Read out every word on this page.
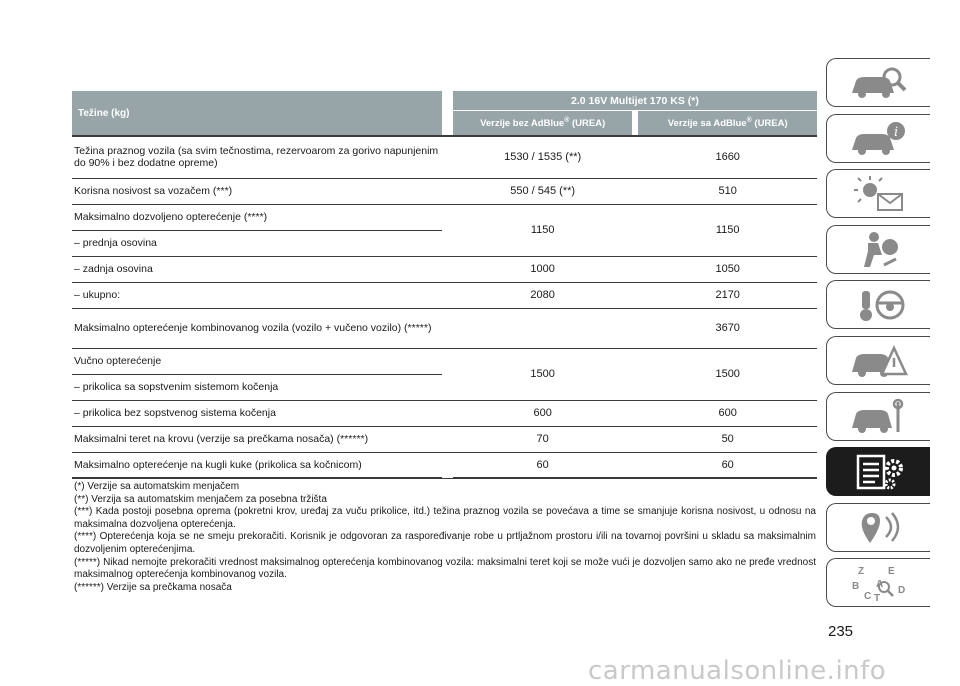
Težine (kg)		2.0 16V Multijet 170 KS (*)		
		Verzije bez AdBlue® (UREA)		Verzije sa AdBlue® (UREA)
Težina praznog vozila (sa svim tečnostima, rezervoarom za gorivo napunjenim do 90% i bez dodatne opreme)		1530 / 1535 (**)		1660
Korisna nosivost sa vozačem (***)		550 / 545 (**)		510
Maksimalno dozvoljeno opterećenje (****)		1150		1150
– prednja osovina				
– zadnja osovina		1000		1050
– ukupno:		2080		2170
Maksimalno opterećenje kombinovanog vozila (vozilo + vučeno vozilo) (*****)				3670
Vučno opterećenje		1500		1500
– prikolica sa sopstvenim sistemom kočenja				
– prikolica bez sopstvenog sistema kočenja		600		600
Maksimalni teret na krovu (verzije sa prečkama nosača) (******)		70		50
Maksimalno opterećenje na kugli kuke (prikolica sa kočnicom)		60		60

(*) Verzije sa automatskim menjačem

(**) Verzija sa automatskim menjačem za posebna tržišta

(***) Kada postoji posebna oprema (pokretni krov, uređaj za vuču prikolice, itd.) težina praznog vozila se povećava a time se smanjuje korisna nosivost, u odnosu na maksimalna dozvoljena opterećenja.

(****) Opterećenja koja se ne smeju prekoračiti. Korisnik je odgovoran za raspoređivanje robe u prtljažnom prostoru i/ili na tovarnoj površini u skladu sa maksimalnim dozvoljenim opterećenjima.

(*****) Nikad nemojte prekoračiti vrednost maksimalnog opterećenja kombinovanog vozila: maksimalni teret koji se može vući je dozvoljen samo ako ne pređe vrednost maksimalnog opterećenja kombinovanog vozila.

(******) Verzije sa prečkama nosača

i
Z E
B A
C T
D
235
carmanualsonline.info
